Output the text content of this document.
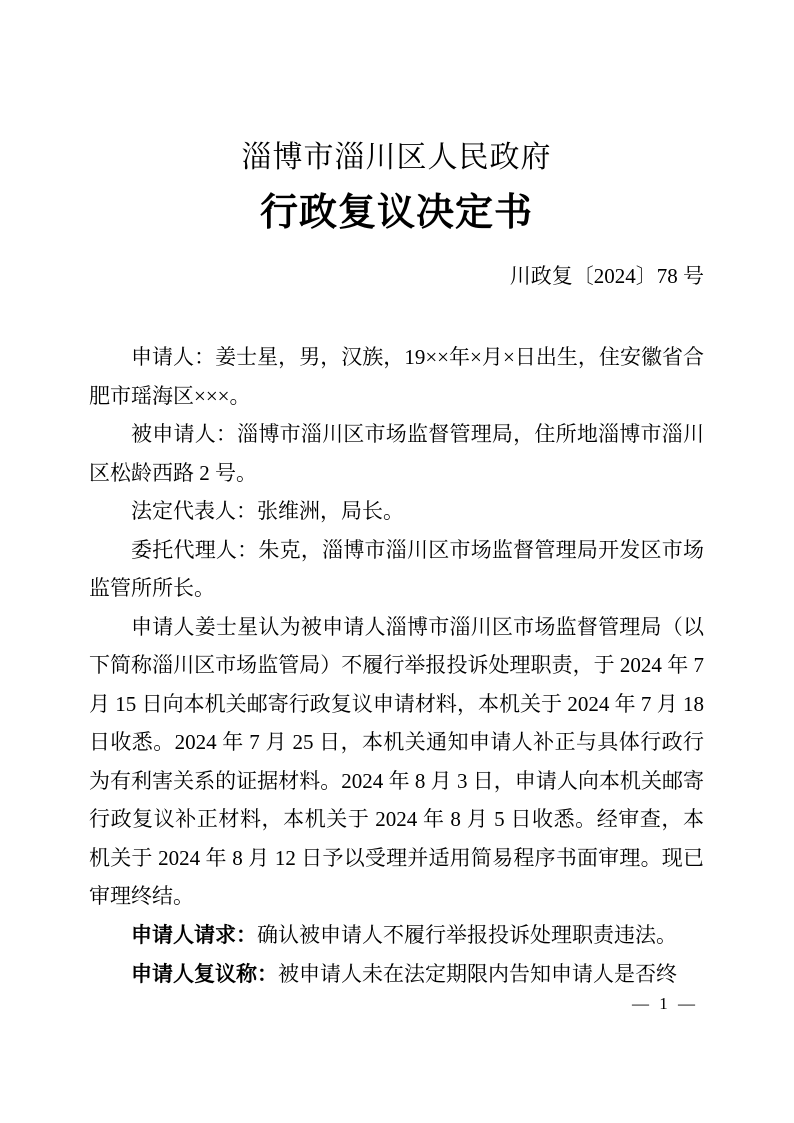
淄博市淄川区人民政府
行政复议决定书
川政复〔2024〕78 号

申请人：姜士星，男，汉族，19××年×月×日出生，住安徽省合肥市瑶海区×××。

被申请人：淄博市淄川区市场监督管理局，住所地淄博市淄川区松龄西路 2 号。

法定代表人：张维洲，局长。

委托代理人：朱克，淄博市淄川区市场监督管理局开发区市场监管所所长。

申请人姜士星认为被申请人淄博市淄川区市场监督管理局（以下简称淄川区市场监管局）不履行举报投诉处理职责，于 2024 年 7 月 15 日向本机关邮寄行政复议申请材料，本机关于 2024 年 7 月 18 日收悉。2024 年 7 月 25 日，本机关通知申请人补正与具体行政行为有利害关系的证据材料。2024 年 8 月 3 日，申请人向本机关邮寄行政复议补正材料，本机关于 2024 年 8 月 5 日收悉。经审查，本机关于 2024 年 8 月 12 日予以受理并适用简易程序书面审理。现已审理终结。

申请人请求：确认被申请人不履行举报投诉处理职责违法。

申请人复议称：被申请人未在法定期限内告知申请人是否终

— 1 —
